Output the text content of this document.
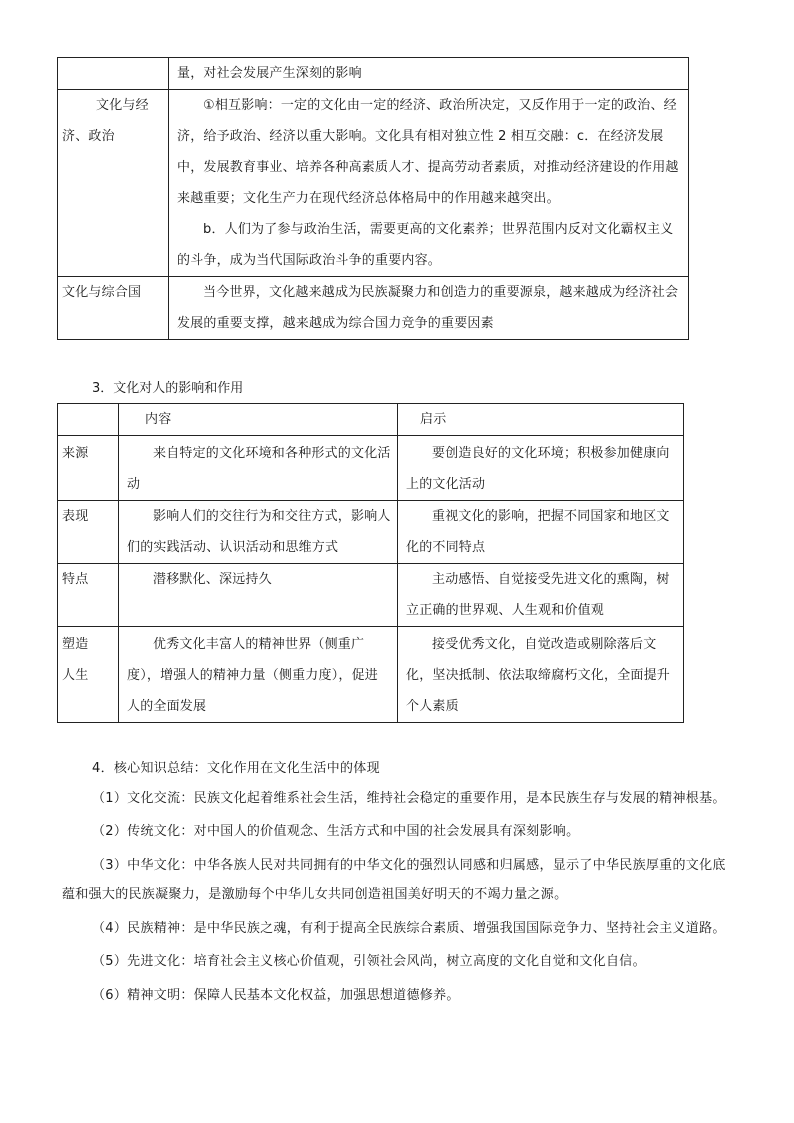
	量，对社会发展产生深刻的影响

文化与经济、政治	①相互影响：一定的文化由一定的经济、政治所决定，又反作用于一定的政治、经济，给予政治、经济以重大影响。文化具有相对独立性 2 相互交融：c．在经济发展中，发展教育事业、培养各种高素质人才、提高劳动者素质，对推动经济建设的作用越来越重要；文化生产力在现代经济总体格局中的作用越来越突出。
b．人们为了参与政治生活，需要更高的文化素养；世界范围内反对文化霸权主义的斗争，成为当代国际政治斗争的重要内容。

文化与综合国	当今世界，文化越来越成为民族凝聚力和创造力的重要源泉，越来越成为经济社会发展的重要支撑，越来越成为综合国力竞争的重要因素
3．文化对人的影响和作用

	内容	启示

来源	来自特定的文化环境和各种形式的文化活动	要创造良好的文化环境；积极参加健康向上的文化活动

表现	影响人们的交往行为和交往方式，影响人们的实践活动、认识活动和思维方式	重视文化的影响，把握不同国家和地区文化的不同特点

特点	潜移默化、深远持久	主动感悟、自觉接受先进文化的熏陶，树立正确的世界观、人生观和价值观

塑造人生	优秀文化丰富人的精神世界（侧重广度），增强人的精神力量（侧重力度），促进人的全面发展	接受优秀文化，自觉改造或剔除落后文化，坚决抵制、依法取缔腐朽文化，全面提升个人素质
4．核心知识总结：文化作用在文化生活中的体现

（1）文化交流：民族文化起着维系社会生活，维持社会稳定的重要作用，是本民族生存与发展的精神根基。

（2）传统文化：对中国人的价值观念、生活方式和中国的社会发展具有深刻影响。

（3）中华文化：中华各族人民对共同拥有的中华文化的强烈认同感和归属感，显示了中华民族厚重的文化底蕴和强大的民族凝聚力，是激励每个中华儿女共同创造祖国美好明天的不竭力量之源。

（4）民族精神：是中华民族之魂，有利于提高全民族综合素质、增强我国国际竞争力、坚持社会主义道路。

（5）先进文化：培育社会主义核心价值观，引领社会风尚，树立高度的文化自觉和文化自信。

（6）精神文明：保障人民基本文化权益，加强思想道德修养。
